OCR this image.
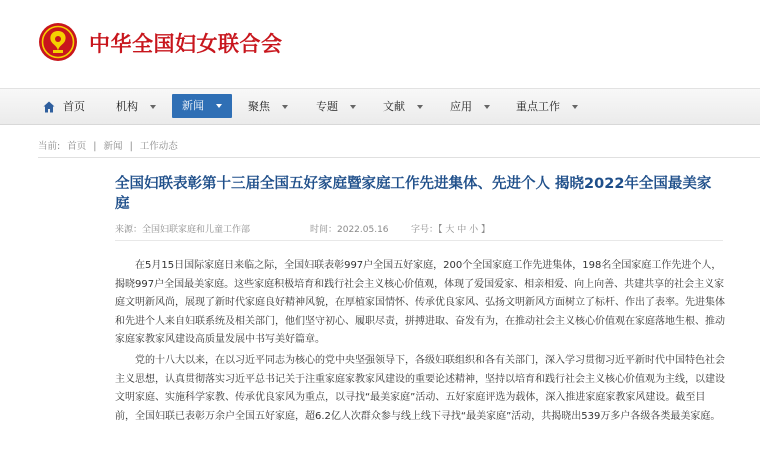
中华全国妇女联合会
首页	机构	新闻	聚焦	专题	文献	应用	重点工作
当前: 首页 | 新闻 | 工作动态
全国妇联表彰第十三届全国五好家庭暨家庭工作先进集体、先进个人 揭晓2022年全国最美家庭
来源：全国妇联家庭和儿童工作部	时间：2022.05.16 字号：【 大 中 小 】

在5月15日国际家庭日来临之际，全国妇联表彰997户全国五好家庭，200个全国家庭工作先进集体，198名全国家庭工作先进个人，揭晓997户全国最美家庭。这些家庭积极培育和践行社会主义核心价值观，体现了爱国爱家、相亲相爱、向上向善、共建共享的社会主义家庭文明新风尚，展现了新时代家庭良好精神风貌，在厚植家国情怀、传承优良家风、弘扬文明新风方面树立了标杆、作出了表率。先进集体和先进个人来自妇联系统及相关部门，他们坚守初心、履职尽责，拼搏进取、奋发有为，在推动社会主义核心价值观在家庭落地生根、推动家庭家教家风建设高质量发展中书写美好篇章。

党的十八大以来，在以习近平同志为核心的党中央坚强领导下，各级妇联组织和各有关部门，深入学习贯彻习近平新时代中国特色社会主义思想，认真贯彻落实习近平总书记关于注重家庭家教家风建设的重要论述精神，坚持以培育和践行社会主义核心价值观为主线，以建设文明家庭、实施科学家教、传承优良家风为重点，以寻找“最美家庭”活动、五好家庭评选为载体，深入推进家庭家教家风建设。截至目前，全国妇联已表彰万余户全国五好家庭，超6.2亿人次群众参与线上线下寻找“最美家庭”活动，共揭晓出539万多户各级各类最美家庭。
